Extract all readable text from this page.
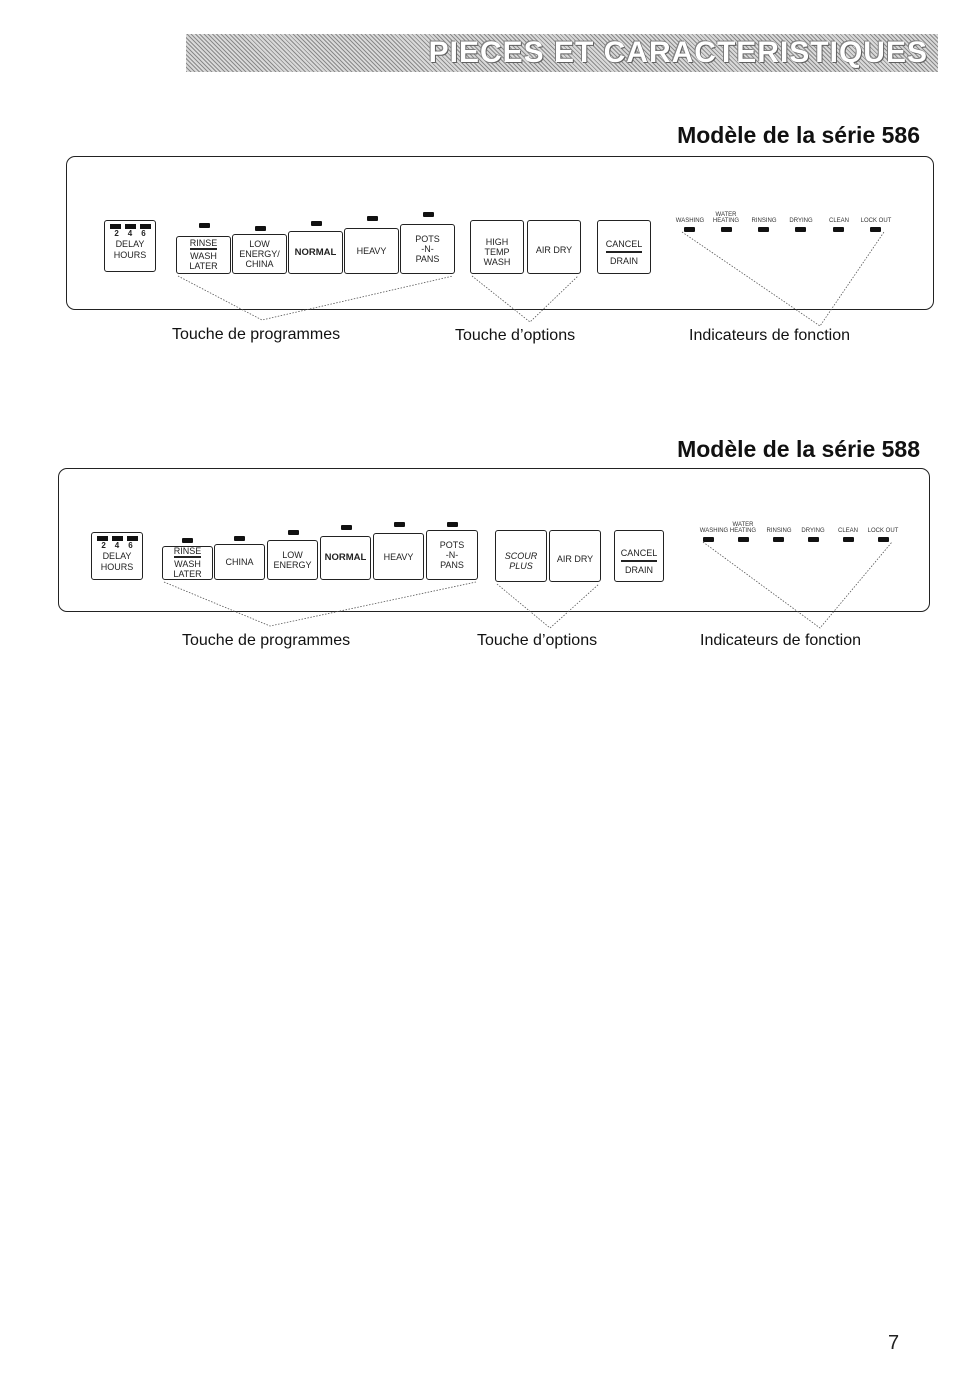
PIECES ET CARACTERISTIQUES
Modèle de la série 586
2 4 6
DELAY
HOURS
RINSE
WASH
LATER
LOW
ENERGY/
CHINA
NORMAL HEAVY
POTS
-N-
PANS
HIGH
TEMP
WASH
AIR DRY
CANCEL
DRAIN
WASHING
WATER HEATING	RINSING DRYING	CLEAN LOCK OUT
Touche de programmes	Touche d’options	Indicateurs de fonction
Modèle de la série 588
2 4 6
DELAY
HOURS
RINSE
WASH
LATER
CHINA
LOW
ENERGY
NORMAL HEAVY
POTS
-N-
PANS
SCOUR
PLUS
AIR DRY
CANCEL
DRAIN
WASHING
WATER HEATING	RINSING DRYING CLEAN LOCK OUT
Touche de programmes	Touche d’options	Indicateurs de fonction
7
